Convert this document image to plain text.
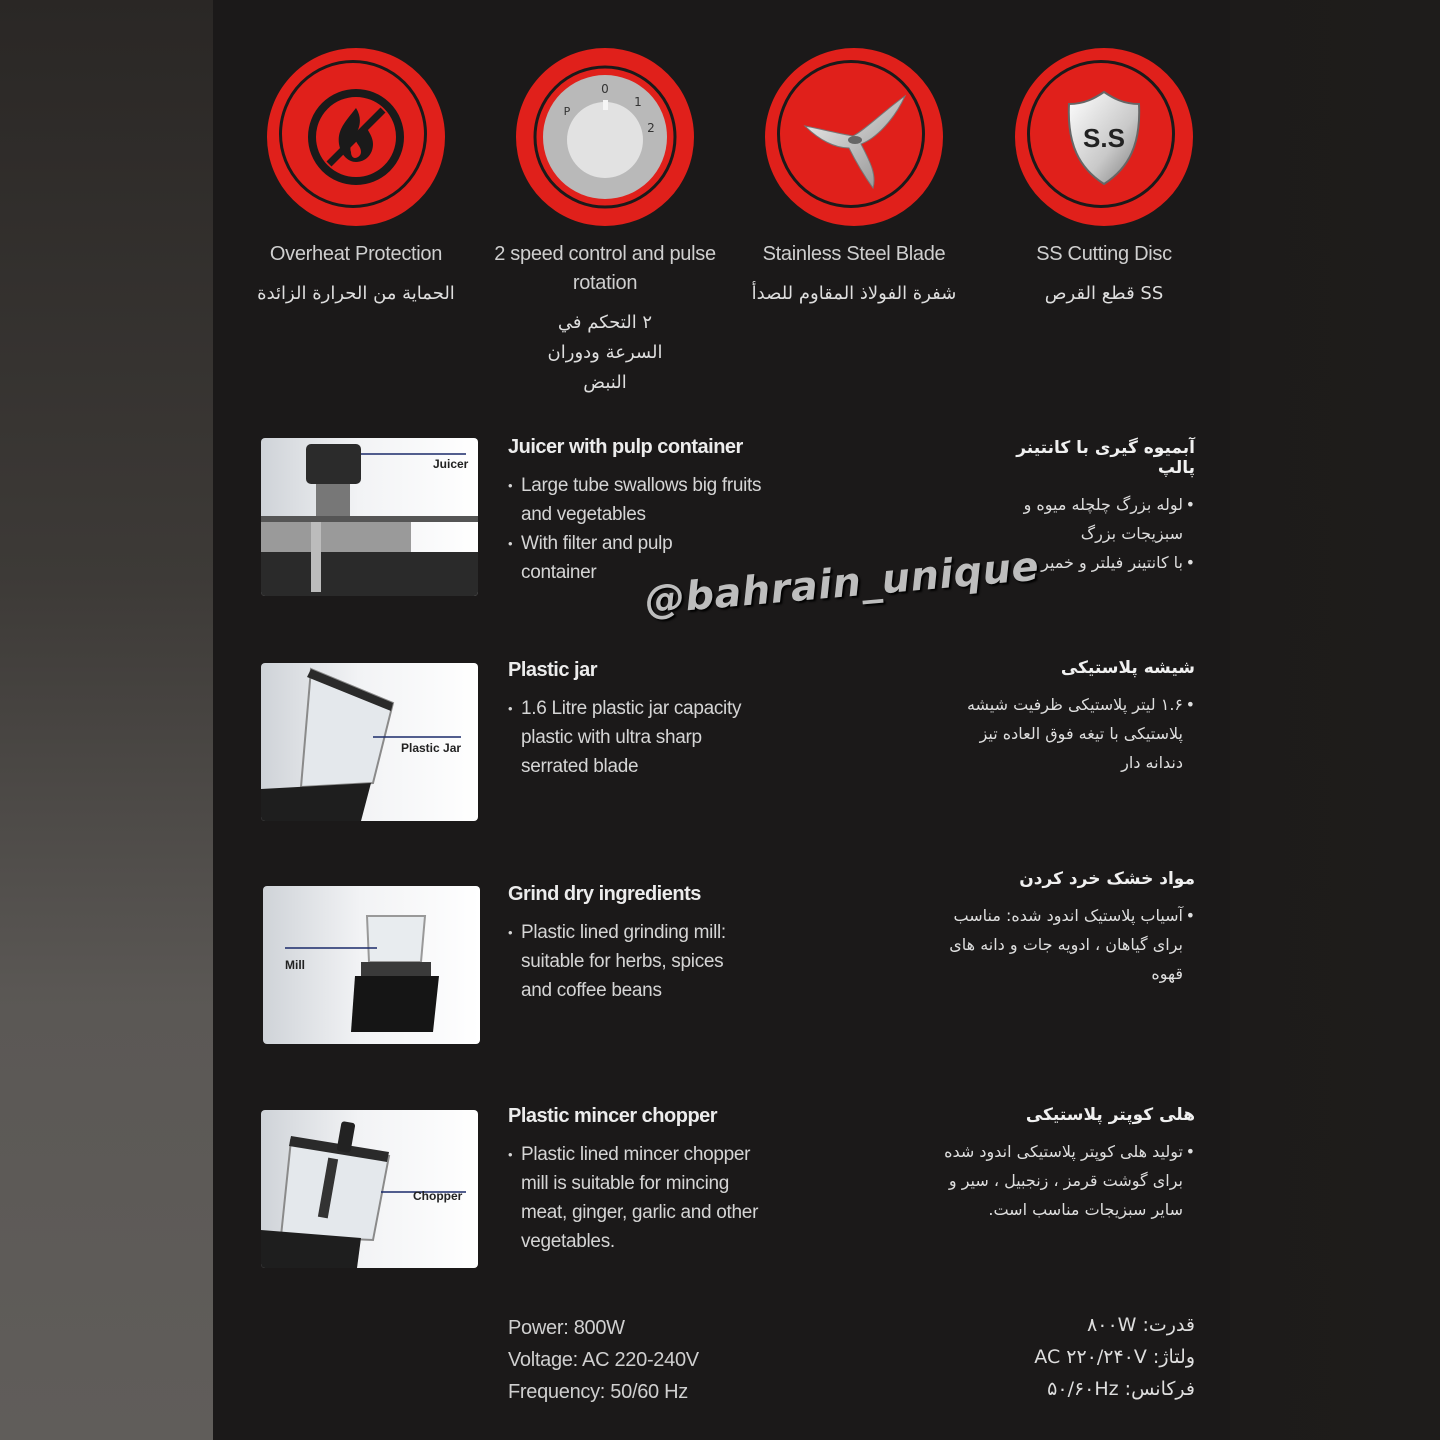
Overheat Protection
الحماية من الحرارة الزائدة
0
1
2
P
2 speed control and pulse rotation
٢ التحكم في السرعة ودوران النبض
Stainless Steel Blade
شفرة الفولاذ المقاوم للصدأ
S.S
SS Cutting Disc
SS قطع القرص
Juicer
Juicer with pulp container
• Large tube swallows big fruits and vegetables
• With filter and pulp container
آبمیوه گیری با کانتینر پالپ
• لوله بزرگ چلچله میوه و سبزیجات بزرگ
• با کانتینر فیلتر و خمیر
Plastic Jar
Plastic jar
• 1.6 Litre plastic jar capacity plastic with ultra sharp serrated blade
شیشه پلاستیکی
• ۱.۶ لیتر پلاستیکی ظرفیت شیشه پلاستیکی با تیغه فوق العاده تیز دندانه دار
Mill
Grind dry ingredients
• Plastic lined grinding mill: suitable for herbs, spices and coffee beans
مواد خشک خرد کردن
• آسیاب پلاستیک اندود شده: مناسب برای گیاهان ، ادویه جات و دانه های قهوه
Chopper
Plastic mincer chopper
• Plastic lined mincer chopper mill is suitable for mincing meat, ginger, garlic and other vegetables.
هلی کوپتر پلاستیکی
• تولید هلی کوپتر پلاستیکی اندود شده برای گوشت قرمز ، زنجبیل ، سیر و سایر سبزیجات مناسب است.
Power: 800W
Voltage: AC 220-240V
Frequency: 50/60 Hz
قدرت: ۸۰۰W
ولتاژ: AC ۲۲۰/۲۴۰V
فرکانس: ۵۰/۶۰Hz
@bahrain_unique
